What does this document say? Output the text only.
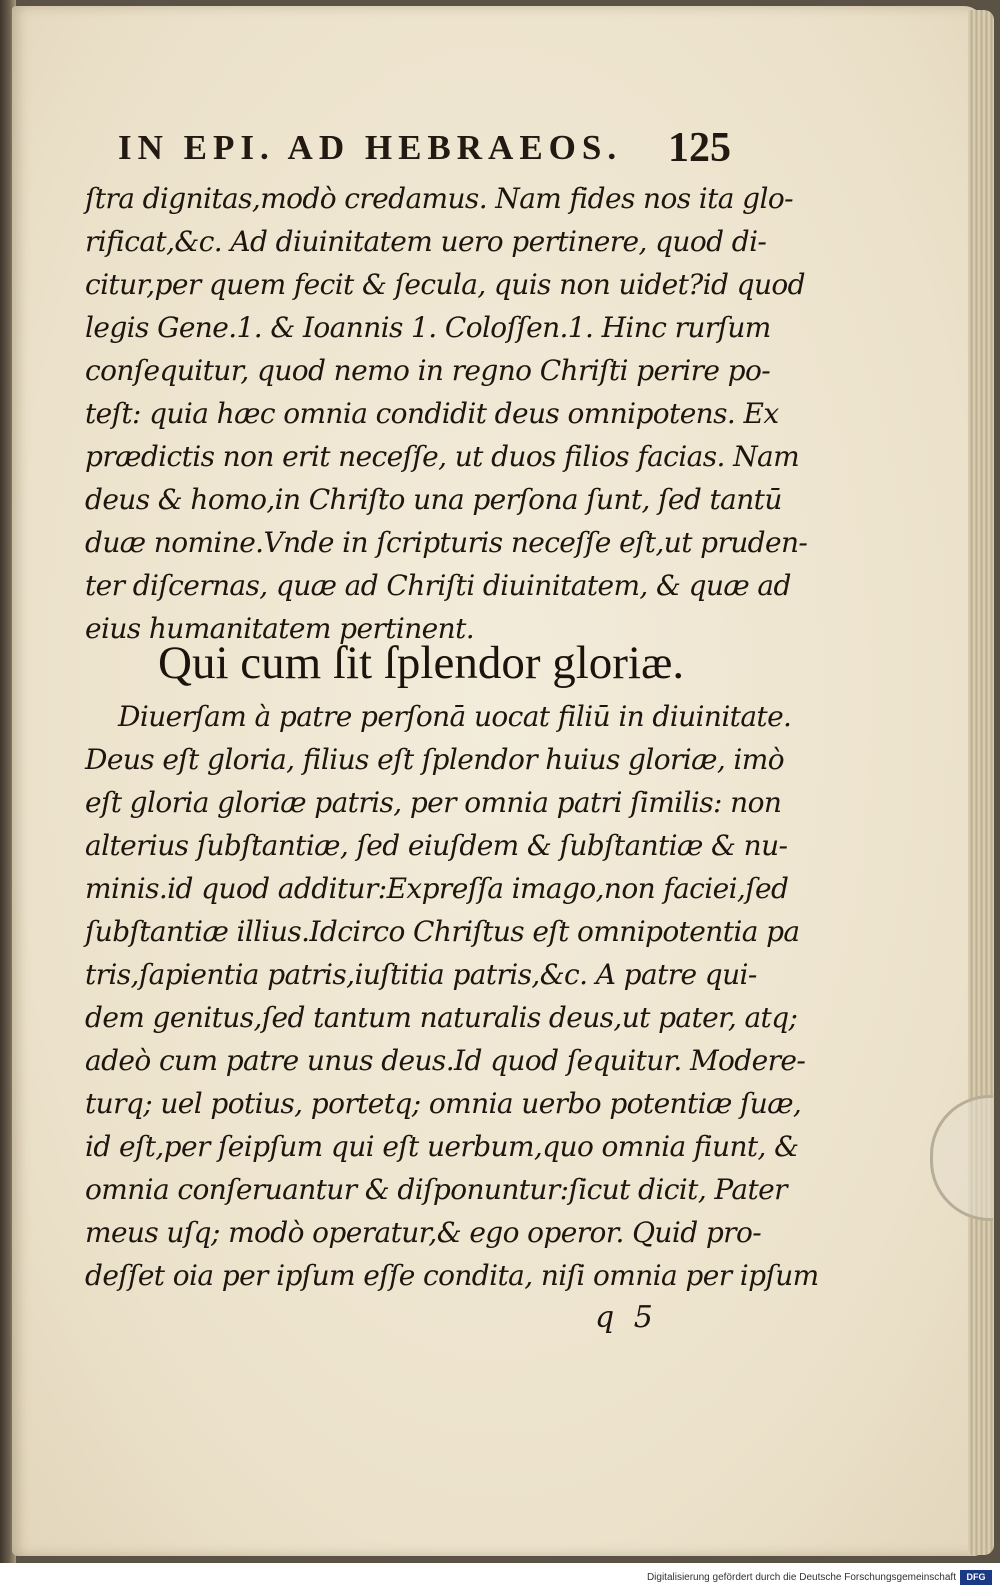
IN EPI. AD HEBRAEOS. 125
ſtra dignitas,modò credamus. Nam fides nos ita glo-
rificat,&c. Ad diuinitatem uero pertinere, quod di-
citur,per quem fecit & ſecula, quis non uidet?id quod
legis Gene.1. & Ioannis 1. Coloſſen.1. Hinc rurſum
conſequitur, quod nemo in regno Chriſti perire po-
teſt: quia hæc omnia condidit deus omnipotens. Ex
prædictis non erit neceſſe, ut duos filios facias. Nam
deus & homo,in Chriſto una perſona ſunt, ſed tantū
duæ nomine.Vnde in ſcripturis neceſſe eſt,ut pruden-
ter diſcernas, quæ ad Chriſti diuinitatem, & quæ ad
eius humanitatem pertinent.
Qui cum ſit ſplendor gloriæ.
Diuerſam à patre perſonā uocat filiū in diuinitate.
Deus eſt gloria, filius eſt ſplendor huius gloriæ, imò
eſt gloria gloriæ patris, per omnia patri ſimilis: non
alterius ſubſtantiæ, ſed eiuſdem & ſubſtantiæ & nu-
minis.id quod additur:Expreſſa imago,non faciei,ſed
ſubſtantiæ illius.Idcirco Chriſtus eſt omnipotentia pa
tris,ſapientia patris,iuſtitia patris,&c. A patre qui-
dem genitus,ſed tantum naturalis deus,ut pater, atq;
adeò cum patre unus deus.Id quod ſequitur. Modere-
turq; uel potius, portetq; omnia uerbo potentiæ ſuæ,
id eſt,per ſeipſum qui eſt uerbum,quo omnia fiunt, &
omnia conſeruantur & diſponuntur:ſicut dicit, Pater
meus uſq; modò operatur,& ego operor. Quid pro-
deſſet oia per ipſum eſſe condita, niſi omnia per ipſum
q 5
Digitalisierung gefördert durch die Deutsche Forschungsgemeinschaft	DFG
